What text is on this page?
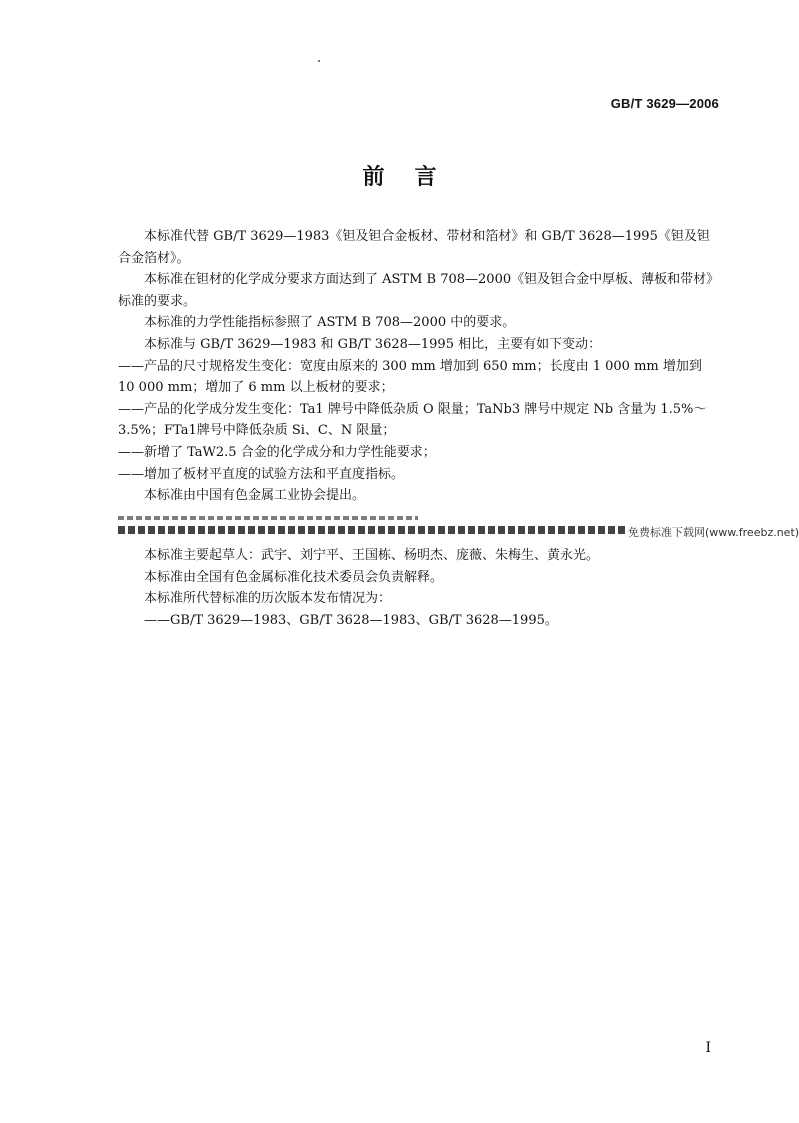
GB/T 3629—2006
前言

本标准代替 GB/T 3629—1983《钽及钽合金板材、带材和箔材》和 GB/T 3628—1995《钽及钽合金箔材》。

本标准在钽材的化学成分要求方面达到了 ASTM B 708—2000《钽及钽合金中厚板、薄板和带材》标准的要求。

本标准的力学性能指标参照了 ASTM B 708—2000 中的要求。

本标准与 GB/T 3629—1983 和 GB/T 3628—1995 相比，主要有如下变动：

——产品的尺寸规格发生变化：宽度由原来的 300 mm 增加到 650 mm；长度由 1 000 mm 增加到 10 000 mm；增加了 6 mm 以上板材的要求；

——产品的化学成分发生变化：Ta1 牌号中降低杂质 O 限量；TaNb3 牌号中规定 Nb 含量为 1.5%～3.5%；FTa1牌号中降低杂质 Si、C、N 限量；

——新增了 TaW2.5 合金的化学成分和力学性能要求；

——增加了板材平直度的试验方法和平直度指标。

本标准由中国有色金属工业协会提出。

免费标准下载网(www.freebz.net)

本标准主要起草人：武宇、刘宁平、王国栋、杨明杰、庞薇、朱梅生、黄永光。

本标准由全国有色金属标准化技术委员会负责解释。

本标准所代替标准的历次版本发布情况为：

——GB/T 3629—1983、GB/T 3628—1983、GB/T 3628—1995。

I
